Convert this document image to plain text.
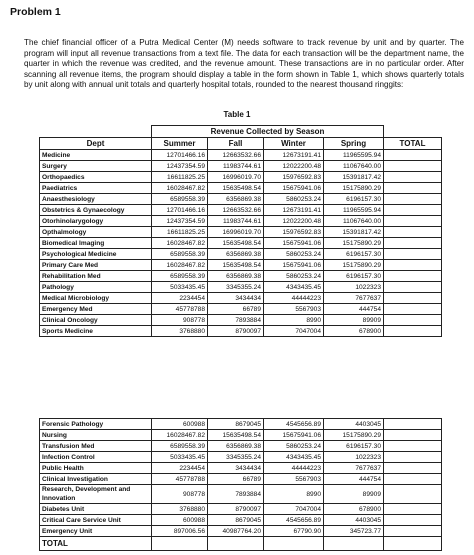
Problem 1

The chief financial officer of a Putra Medical Center (M) needs software to track revenue by unit and by quarter. The program will input all revenue transactions from a text file. The data for each transaction will be the department name, the quarter in which the revenue was credited, and the revenue amount. These transactions are in no particular order. After scanning all revenue items, the program should display a table in the form shown in Table 1, which shows quarterly totals by unit along with annual unit totals and quarterly hospital totals, rounded to the nearest thousand ringgits:

Table 1
	Revenue Collected by Season				
Dept	Summer	Fall	Winter	Spring	TOTAL
Medicine	12701466.16	12663532.66	12673191.41	11965595.94	
Surgery	12437354.59	11983744.61	12022200.48	11067640.00	
Orthopaedics	16611825.25	16996019.70	15976592.83	15391817.42	
Paediatrics	16028467.82	15635498.54	15675941.06	15175890.29	
Anaesthesiology	6589558.39	6356869.38	5860253.24	6196157.30	
Obstetrics & Gynaecology	12701466.16	12663532.66	12673191.41	11965595.94	
Otorhinolarygology	12437354.59	11983744.61	12022200.48	11067640.00	
Opthalmology	16611825.25	16996019.70	15976592.83	15391817.42	
Biomedical Imaging	16028467.82	15635498.54	15675941.06	15175890.29	
Psychological Medicine	6589558.39	6356869.38	5860253.24	6196157.30	
Primary Care Med	16028467.82	15635498.54	15675941.06	15175890.29	
Rehabilitation Med	6589558.39	6356869.38	5860253.24	6196157.30	
Pathology	5033435.45	3345355.24	4343435.45	1022323	
Medical Microbiology	2234454	3434434	44444223	7677637	
Emergency Med	45778788	66789	5567903	444754	
Clinical Oncology	908778	7893884	8990	89909	
Sports Medicine	3768880	8790097	7047004	678900	
Forensic Pathology	600988	8679045	4545656.89	4403045	
Nursing	16028467.82	15635498.54	15675941.06	15175890.29	
Transfusion Med	6589558.39	6356869.38	5860253.24	6196157.30	
Infection Control	5033435.45	3345355.24	4343435.45	1022323	
Public Health	2234454	3434434	44444223	7677637	
Clinical Investigation	45778788	66789	5567903	444754	
Research, Development and Innovation	908778	7893884	8990	89909	
Diabetes Unit	3768880	8790097	7047004	678900	
Critical Care Service Unit	600988	8679045	4545656.89	4403045	
Emergency Unit	897006.56	40987764.20	67790.90	345723.77	
TOTAL					
